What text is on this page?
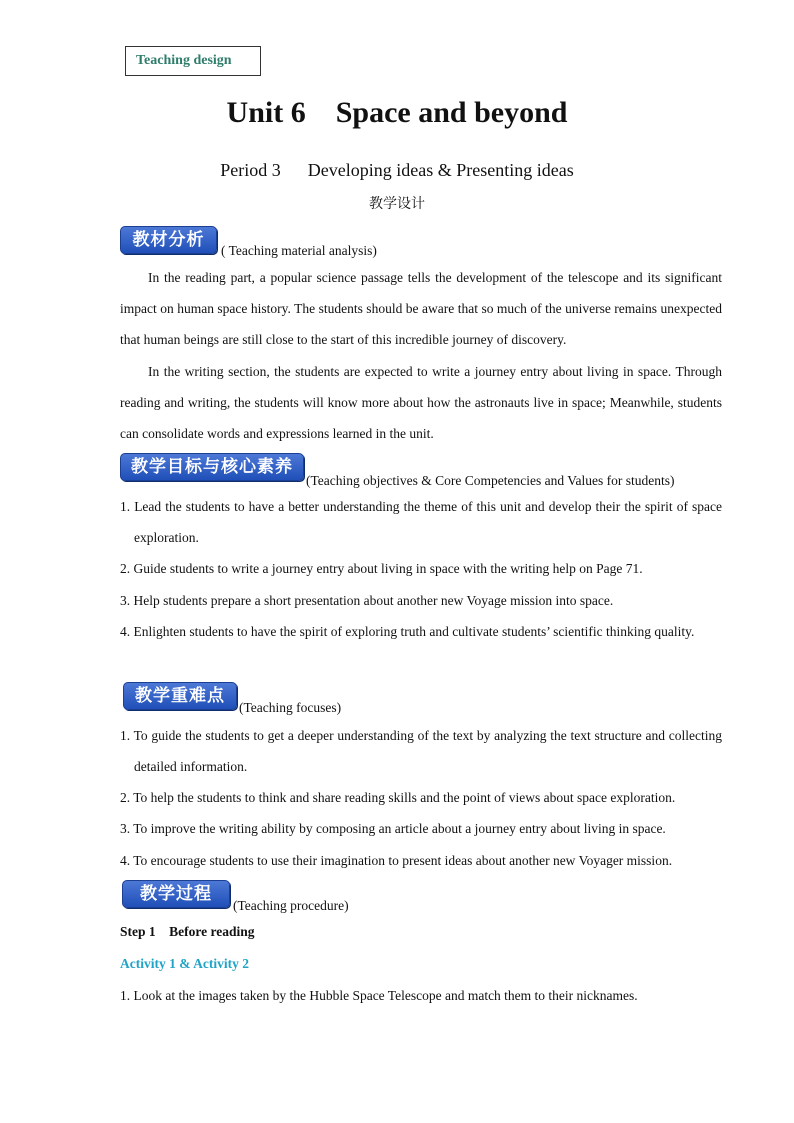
Teaching design
Unit 6    Space and beyond
Period 3      Developing ideas & Presenting ideas
教学设计
教材分析
( Teaching material analysis)
In the reading part, a popular science passage tells the development of the telescope and its significant impact on human space history. The students should be aware that so much of the universe remains unexpected that human beings are still close to the start of this incredible journey of discovery.
In the writing section, the students are expected to write a journey entry about living in space. Through reading and writing, the students will know more about how the astronauts live in space; Meanwhile, students can consolidate words and expressions learned in the unit.
教学目标与核心素养
(Teaching objectives & Core Competencies and Values for students)
1. Lead the students to have a better understanding the theme of this unit and develop their the spirit of space exploration.
2. Guide students to write a journey entry about living in space with the writing help on Page 71.
3. Help students prepare a short presentation about another new Voyage mission into space.
4. Enlighten students to have the spirit of exploring truth and cultivate students’ scientific thinking quality.
教学重难点
(Teaching focuses)
1. To guide the students to get a deeper understanding of the text by analyzing the text structure and collecting detailed information.
2. To help the students to think and share reading skills and the point of views about space exploration.
3. To improve the writing ability by composing an article about a journey entry about living in space.
4. To encourage students to use their imagination to present ideas about another new Voyager mission.
教学过程
(Teaching procedure)
Step 1    Before reading
Activity 1 & Activity 2
1. Look at the images taken by the Hubble Space Telescope and match them to their nicknames.
